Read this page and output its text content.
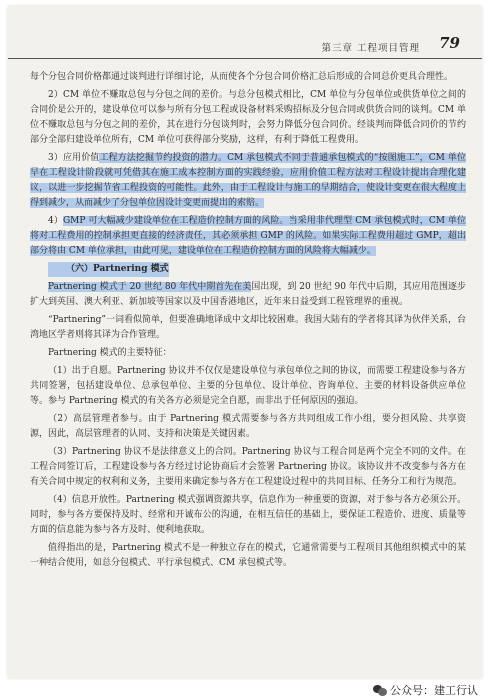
第三章 工程项目管理 79

每个分包合同价格都通过谈判进行详细讨论，从而使各个分包合同价格汇总后形成的合同总价更具合理性。

2）CM 单位不赚取总包与分包之间的差价。与总分包模式相比，CM 单位与分包单位或供货单位之间的合同价是公开的，建设单位可以参与所有分包工程或设备材料采购招标及分包合同或供货合同的谈判。CM 单位不赚取总包与分包之间的差价，其在进行分包谈判时，会努力降低分包合同价。经谈判而降低合同价的节约部分全部归建设单位所有，CM 单位可获得部分奖励，这样，有利于降低工程费用。

3）应用价值工程方法挖掘节约投资的潜力。CM 承包模式不同于普通承包模式的“按图施工”，CM 单位早在工程设计阶段就可凭借其在施工成本控制方面的实践经验，应用价值工程方法对工程设计提出合理化建议，以进一步挖掘节省工程投资的可能性。此外，由于工程设计与施工的早期结合，使设计变更在很大程度上得到减少，从而减少了分包单位因设计变更而提出的索赔。

4）GMP 可大幅减少建设单位在工程造价控制方面的风险。当采用非代理型 CM 承包模式时，CM 单位将对工程费用的控制承担更直接的经济责任，其必须承担 GMP 的风险。如果实际工程费用超过 GMP，超出部分将由 CM 单位承担，由此可见，建设单位在工程造价控制方面的风险将大幅减少。

（六）Partnering 模式

Partnering 模式于 20 世纪 80 年代中期首先在美国出现，到 20 世纪 90 年代中后期，其应用范围逐步扩大到英国、澳大利亚、新加坡等国家以及中国香港地区，近年来日益受到工程管理界的重视。

“Partnering”一词看似简单，但要准确地译成中文却比较困难。我国大陆有的学者将其译为伙伴关系，台湾地区学者则将其译为合作管理。

Partnering 模式的主要特征：

（1）出于自愿。Partnering 协议并不仅仅是建设单位与承包单位之间的协议，而需要工程建设参与各方共同签署，包括建设单位、总承包单位、主要的分包单位、设计单位、咨询单位、主要的材料设备供应单位等。参与 Partnering 模式的有关各方必须是完全自愿，而非出于任何原因的强迫。

（2）高层管理者参与。由于 Partnering 模式需要参与各方共同组成工作小组，要分担风险、共享资源，因此，高层管理者的认同、支持和决策是关键因素。

（3）Partnering 协议不是法律意义上的合同。Partnering 协议与工程合同是两个完全不同的文件。在工程合同签订后，工程建设参与各方经过讨论协商后才会签署 Partnering 协议。该协议并不改变参与各方在有关合同中规定的权利和义务，主要用来确定参与各方在工程建设过程中的共同目标、任务分工和行为规范。

（4）信息开放性。Partnering 模式强调资源共享，信息作为一种重要的资源，对于参与各方必须公开。同时，参与各方要保持及时、经常和开诚布公的沟通，在相互信任的基础上，要保证工程造价、进度、质量等方面的信息能为参与各方及时、便利地获取。

值得指出的是，Partnering 模式不是一种独立存在的模式，它通常需要与工程项目其他组织模式中的某一种结合使用，如总分包模式、平行承包模式、CM 承包模式等。

公众号：建工行认
